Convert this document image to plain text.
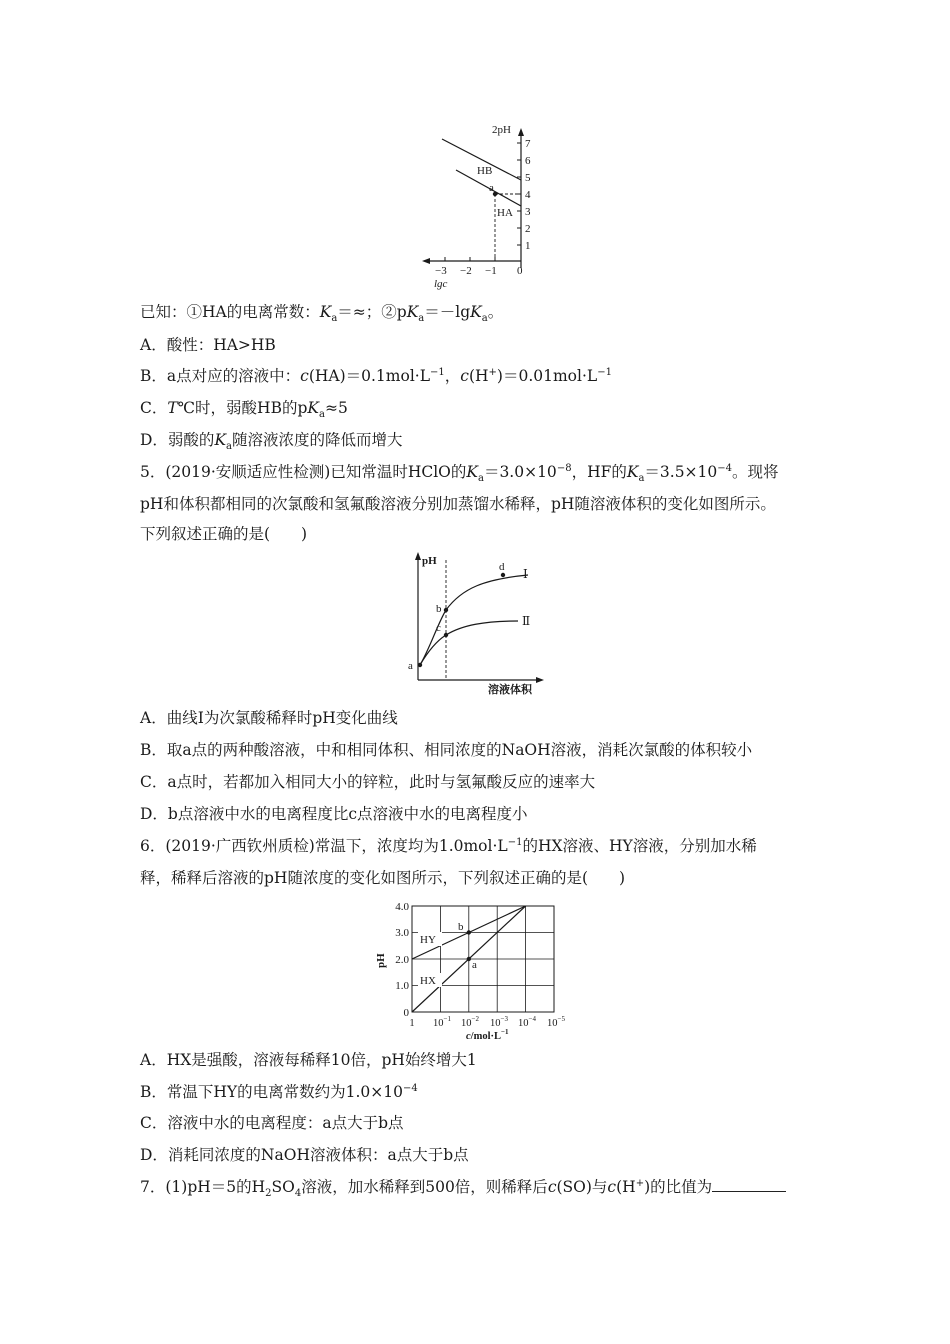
7
6
5
4
3
2
1
2pH
−3 −2 −1 0
lgc
HB
HA
a
已知：①HA的电离常数：$K_a=\approx$；$②pK_a=-\lg K_a$。
A．酸性：HA>HB
B．a点对应的溶液中：$c(HA)=0.1mol\cdot L^{-1}$，$c(H^+)=0.01mol\cdot L^{-1}$
C．T℃时，弱酸HB的$pK_a\approx 5$
D．弱酸的$K_a$随溶液浓度的降低而增大
5．(2019·安顺适应性检测)已知常温时HClO的$K_a=3.0\times 10^{-8}$，HF的$K_a=3.5\times 10^{-4}$。现将
pH和体积都相同的次氯酸和氢氟酸溶液分别加蒸馏水稀释，pH随溶液体积的变化如图所示。
下列叙述正确的是(　　)
pH
溶液体积
Ⅰ
Ⅱ
a
b
c
d
A．曲线Ⅰ为次氯酸稀释时pH变化曲线
B．取a点的两种酸溶液，中和相同体积、相同浓度的NaOH溶液，消耗次氯酸的体积较小
C．a点时，若都加入相同大小的锌粒，此时与氢氟酸反应的速率大
D．b点溶液中水的电离程度比c点溶液中水的电离程度小
6．(2019·广西钦州质检)常温下，浓度均为$1.0mol\cdot L^{-1}$的HX溶液、HY溶液，分别加水稀
释，稀释后溶液的pH随浓度的变化如图所示，下列叙述正确的是(　　)
4.0
3.0
2.0
1.0
0
pH
1 $10^{-1}$ $10^{-2}$ $10^{-3}$ $10^{-4}$ $10^{-5}$
$c/mol\cdot L^{-1}$
HY
HX
b
a
A．HX是强酸，溶液每稀释10倍，pH始终增大1
B．常温下HY的电离常数约为$1.0\times 10^{-4}$
C．溶液中水的电离程度：a点大于b点
D．消耗同浓度的NaOH溶液体积：a点大于b点
7．(1)pH＝5的$H_2SO_4$溶液，加水稀释到500倍，则稀释后c(SO)与c(H+)的比值为
